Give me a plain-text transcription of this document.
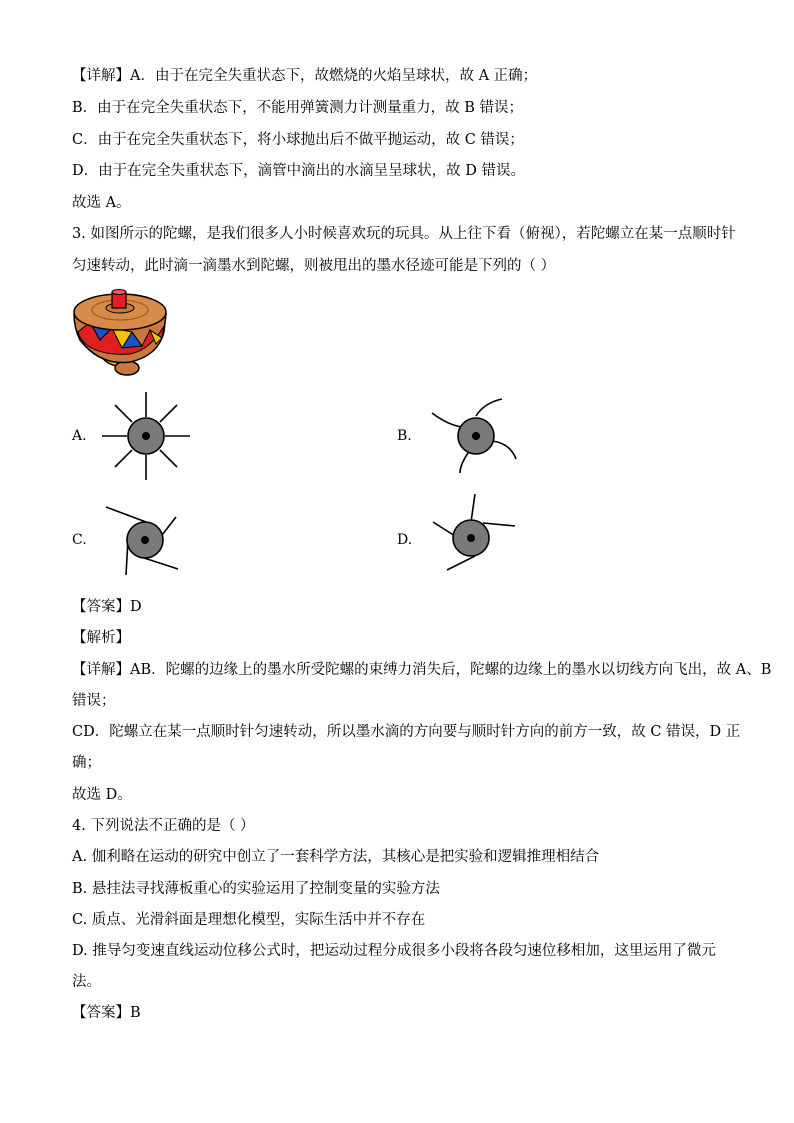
【详解】A．由于在完全失重状态下，故燃烧的火焰呈球状，故 A 正确；
B．由于在完全失重状态下，不能用弹簧测力计测量重力，故 B 错误；
C．由于在完全失重状态下，将小球抛出后不做平抛运动，故 C 错误；
D．由于在完全失重状态下，滴管中滴出的水滴呈呈球状，故 D 错误。
故选 A。
3. 如图所示的陀螺，是我们很多人小时候喜欢玩的玩具。从上往下看（俯视），若陀螺立在某一点顺时针
匀速转动，此时滴一滴墨水到陀螺，则被甩出的墨水径迹可能是下列的（ ）
A.	B.
C.	D.
【答案】D
【解析】
【详解】AB．陀螺的边缘上的墨水所受陀螺的束缚力消失后，陀螺的边缘上的墨水以切线方向飞出，故 A、B
错误；
CD．陀螺立在某一点顺时针匀速转动，所以墨水滴的方向要与顺时针方向的前方一致，故 C 错误，D 正
确；
故选 D。
4. 下列说法不正确的是（ ）
A. 伽利略在运动的研究中创立了一套科学方法，其核心是把实验和逻辑推理相结合
B. 悬挂法寻找薄板重心的实验运用了控制变量的实验方法
C. 质点、光滑斜面是理想化模型，实际生活中并不存在
D. 推导匀变速直线运动位移公式时，把运动过程分成很多小段将各段匀速位移相加，这里运用了微元
法。
【答案】B
